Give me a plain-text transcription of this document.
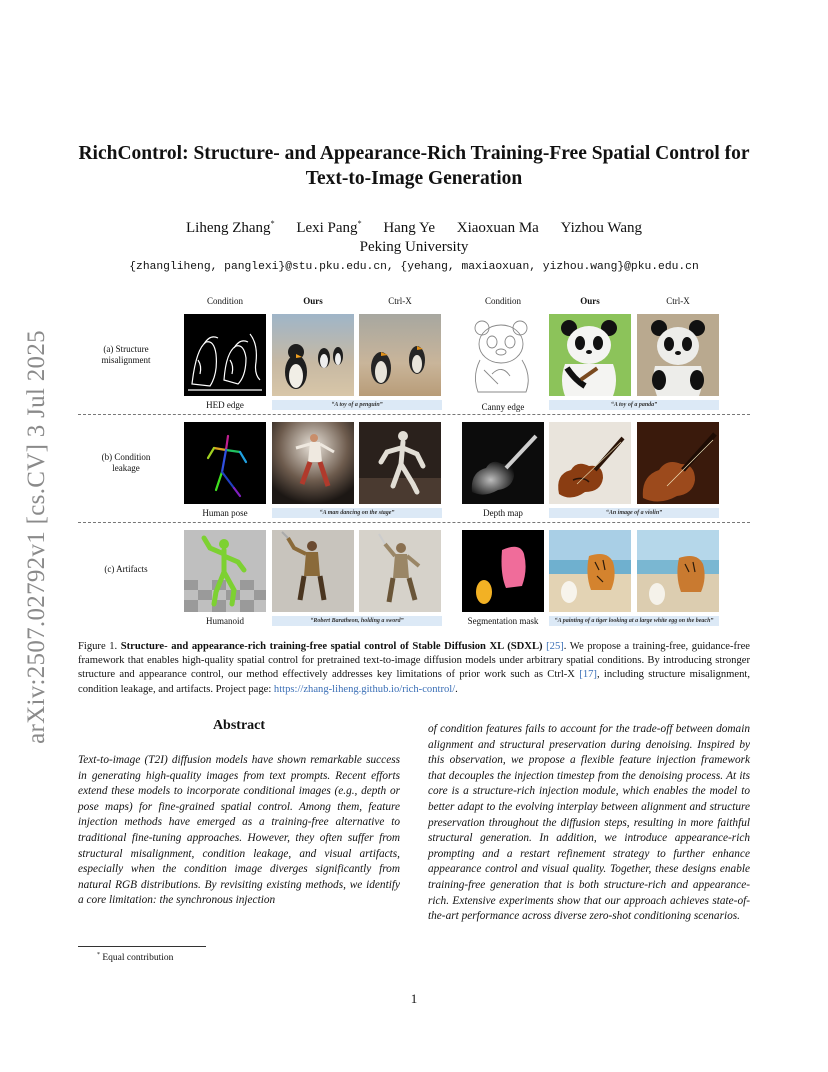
arXiv:2507.02792v1 [cs.CV] 3 Jul 2025
RichControl: Structure- and Appearance-Rich Training-Free Spatial Control for
Text-to-Image Generation
Liheng Zhang* Lexi Pang* Hang Ye Xiaoxuan Ma Yizhou Wang
Peking University
{zhangliheng, panglexi}@stu.pku.edu.cn, {yehang, maxiaoxuan, yizhou.wang}@pku.edu.cn
Condition	Ours	Ctrl-X	Condition	Ours	Ctrl-X
(a) Structure misalignment
(b) Condition leakage
(c) Artifacts
HED edge	“A toy of a penguin”	Canny edge	“A toy of a panda”
Human pose	“A man dancing on the stage”	Depth map	“An image of a violin”
Humanoid	“Robert Baratheon, holding a sword”	Segmentation mask	“A painting of a tiger looking at a large white egg on the beach”
Figure 1. Structure- and appearance-rich training-free spatial control of Stable Diffusion XL (SDXL) [25]. We propose a training-free, guidance-free framework that enables high-quality spatial control for pretrained text-to-image diffusion models under arbitrary spatial conditions. By introducing stronger structure and appearance control, our method effectively addresses key limitations of prior work such as Ctrl-X [17], including structure misalignment, condition leakage, and artifacts. Project page: https://zhang-liheng.github.io/rich-control/.
Abstract
Text-to-image (T2I) diffusion models have shown remarkable success in generating high-quality images from text prompts. Recent efforts extend these models to incorporate conditional images (e.g., depth or pose maps) for fine-grained spatial control. Among them, feature injection methods have emerged as a training-free alternative to traditional fine-tuning approaches. However, they often suffer from structural misalignment, condition leakage, and visual artifacts, especially when the condition image diverges significantly from natural RGB distributions. By revisiting existing methods, we identify a core limitation: the synchronous injection
of condition features fails to account for the trade-off between domain alignment and structural preservation during denoising. Inspired by this observation, we propose a flexible feature injection framework that decouples the injection timestep from the denoising process. At its core is a structure-rich injection module, which enables the model to better adapt to the evolving interplay between alignment and structure preservation throughout the diffusion steps, resulting in more faithful structural generation. In addition, we introduce appearance-rich prompting and a restart refinement strategy to further enhance appearance control and visual quality. Together, these designs enable training-free generation that is both structure-rich and appearance-rich. Extensive experiments show that our approach achieves state-of-the-art performance across diverse zero-shot conditioning scenarios.
* Equal contribution
1
